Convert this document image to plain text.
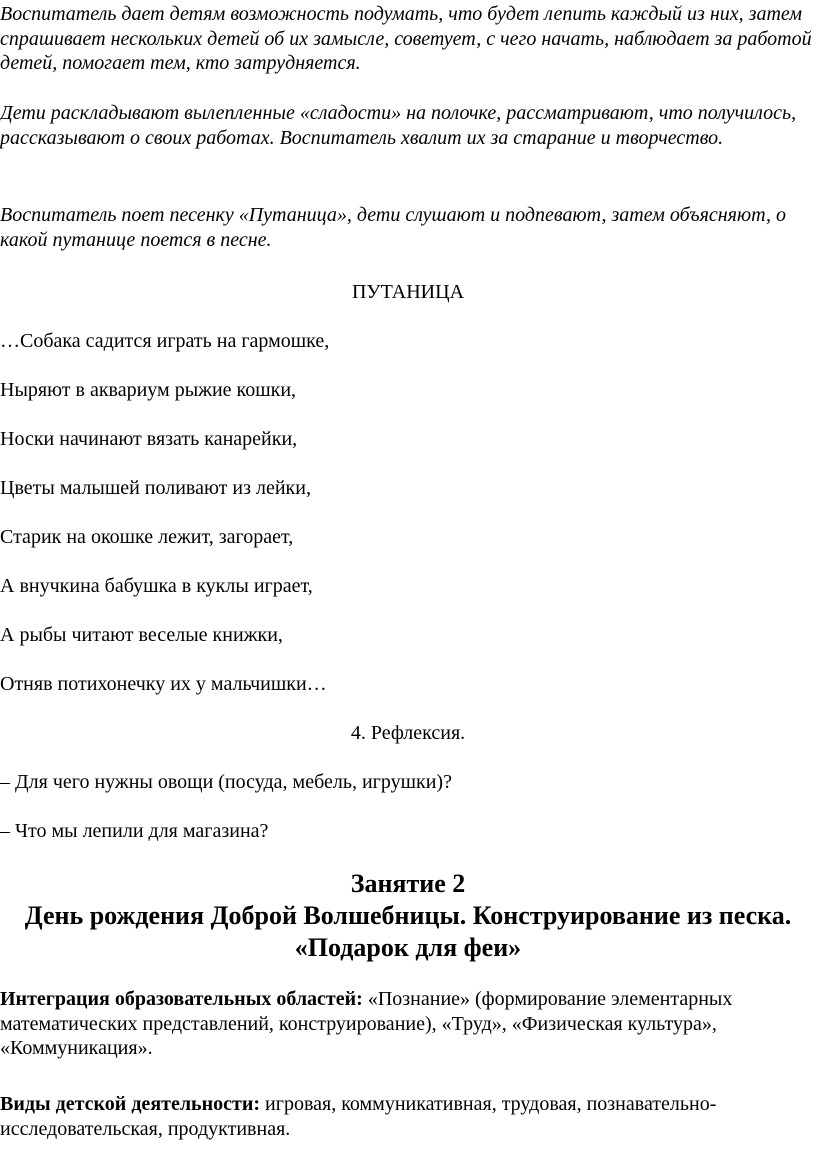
Воспитатель дает детям возможность подумать, что будет лепить каждый из них, затем спрашивает нескольких детей об их замысле, советует, с чего начать, наблюдает за работой детей, помогает тем, кто затрудняется.

Дети раскладывают вылепленные «сладости» на полочке, рассматривают, что получилось, рассказывают о своих работах. Воспитатель хвалит их за старание и творчество.

Воспитатель поет песенку «Путаница», дети слушают и подпевают, затем объясняют, о какой путанице поется в песне.

ПУТАНИЦА

…Собака садится играть на гармошке,

Ныряют в аквариум рыжие кошки,

Носки начинают вязать канарейки,

Цветы малышей поливают из лейки,

Старик на окошке лежит, загорает,

А внучкина бабушка в куклы играет,

А рыбы читают веселые книжки,

Отняв потихонечку их у мальчишки…

4. Рефлексия.

– Для чего нужны овощи (посуда, мебель, игрушки)?

– Что мы лепили для магазина?

Занятие 2
День рождения Доброй Волшебницы. Конструирование из песка. «Подарок для феи»

Интеграция образовательных областей: «Познание» (формирование элементарных математических представлений, конструирование), «Труд», «Физическая культура», «Коммуникация».

Виды детской деятельности: игровая, коммуникативная, трудовая, познавательно-исследовательская, продуктивная.
